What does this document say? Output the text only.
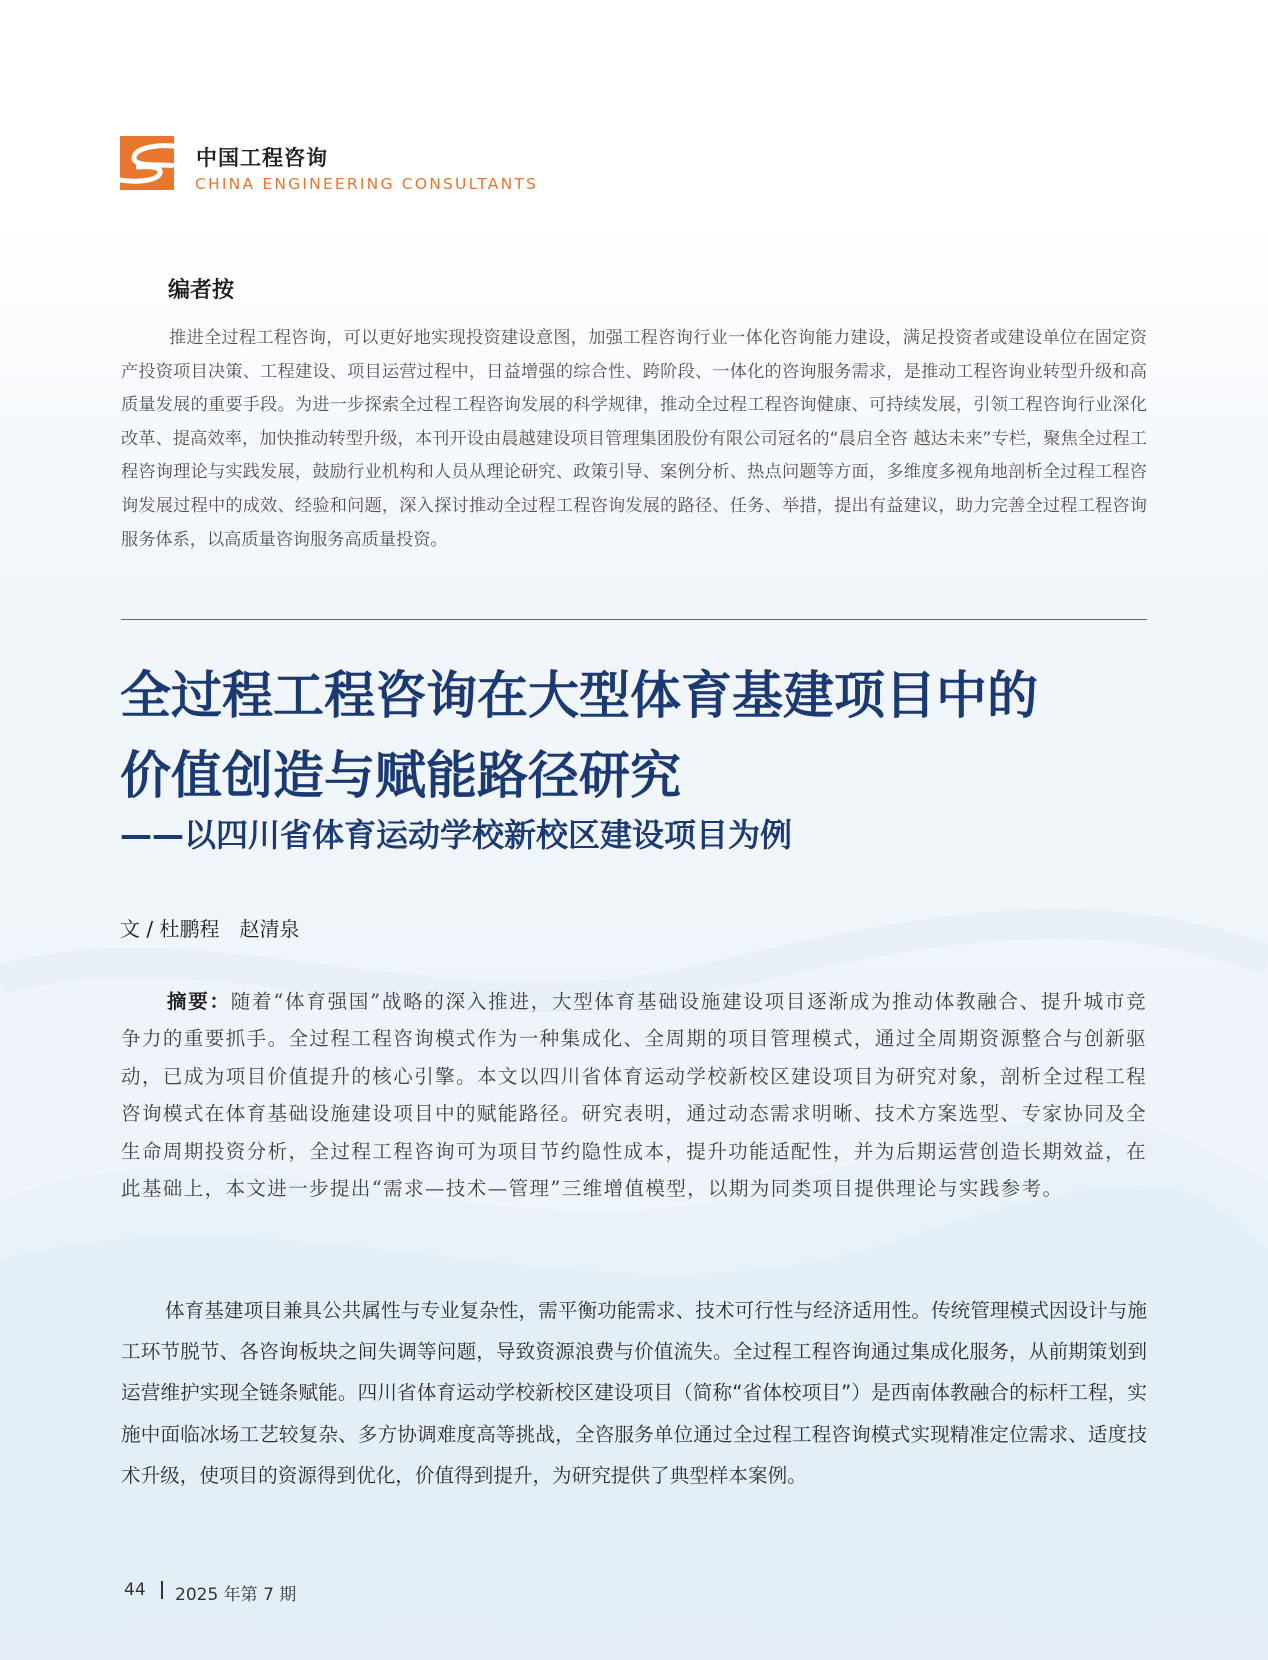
中国工程咨询
CHINA ENGINEERING CONSULTANTS
编者按
推进全过程工程咨询，可以更好地实现投资建设意图，加强工程咨询行业一体化咨询能力建设，满足投资者或建设单位在固定资产投资项目决策、工程建设、项目运营过程中，日益增强的综合性、跨阶段、一体化的咨询服务需求，是推动工程咨询业转型升级和高质量发展的重要手段。为进一步探索全过程工程咨询发展的科学规律，推动全过程工程咨询健康、可持续发展，引领工程咨询行业深化改革、提高效率，加快推动转型升级，本刊开设由晨越建设项目管理集团股份有限公司冠名的“晨启全咨 越达未来”专栏，聚焦全过程工程咨询理论与实践发展，鼓励行业机构和人员从理论研究、政策引导、案例分析、热点问题等方面，多维度多视角地剖析全过程工程咨询发展过程中的成效、经验和问题，深入探讨推动全过程工程咨询发展的路径、任务、举措，提出有益建议，助力完善全过程工程咨询服务体系，以高质量咨询服务高质量投资。
全过程工程咨询在大型体育基建项目中的
价值创造与赋能路径研究
——以四川省体育运动学校新校区建设项目为例
文 / 杜鹏程　赵清泉
摘要：随着“体育强国”战略的深入推进，大型体育基础设施建设项目逐渐成为推动体教融合、提升城市竞争力的重要抓手。全过程工程咨询模式作为一种集成化、全周期的项目管理模式，通过全周期资源整合与创新驱动，已成为项目价值提升的核心引擎。本文以四川省体育运动学校新校区建设项目为研究对象，剖析全过程工程咨询模式在体育基础设施建设项目中的赋能路径。研究表明，通过动态需求明晰、技术方案选型、专家协同及全生命周期投资分析，全过程工程咨询可为项目节约隐性成本，提升功能适配性，并为后期运营创造长期效益，在此基础上，本文进一步提出“需求—技术—管理”三维增值模型，以期为同类项目提供理论与实践参考。
体育基建项目兼具公共属性与专业复杂性，需平衡功能需求、技术可行性与经济适用性。传统管理模式因设计与施工环节脱节、各咨询板块之间失调等问题，导致资源浪费与价值流失。全过程工程咨询通过集成化服务，从前期策划到运营维护实现全链条赋能。四川省体育运动学校新校区建设项目（简称“省体校项目”）是西南体教融合的标杆工程，实施中面临冰场工艺较复杂、多方协调难度高等挑战，全咨服务单位通过全过程工程咨询模式实现精准定位需求、适度技术升级，使项目的资源得到优化，价值得到提升，为研究提供了典型样本案例。
44 2025 年第 7 期
